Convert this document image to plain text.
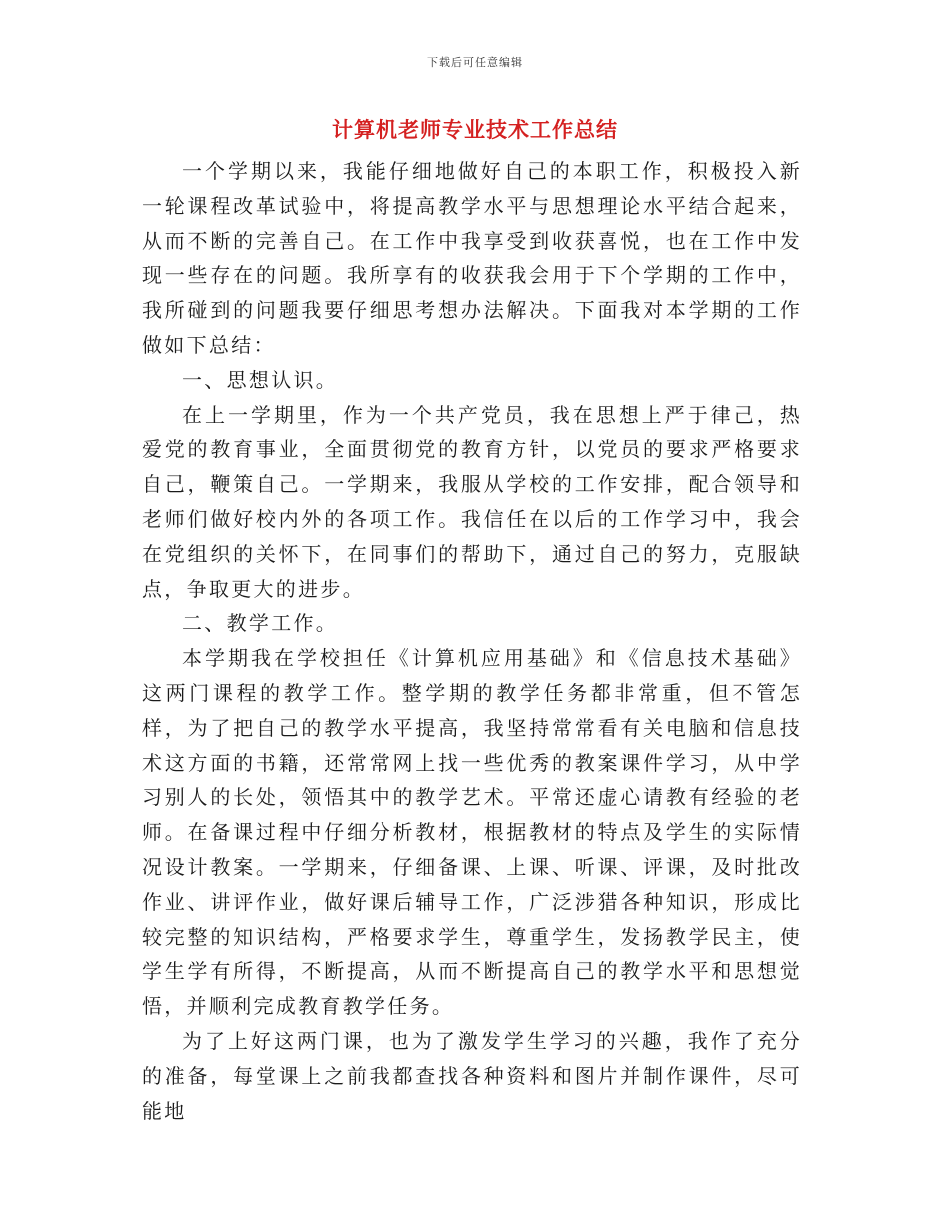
下载后可任意编辑
计算机老师专业技术工作总结

一个学期以来，我能仔细地做好自己的本职工作，积极投入新一轮课程改革试验中，将提高教学水平与思想理论水平结合起来，从而不断的完善自己。在工作中我享受到收获喜悦，也在工作中发现一些存在的问题。我所享有的收获我会用于下个学期的工作中，我所碰到的问题我要仔细思考想办法解决。下面我对本学期的工作做如下总结：

一、思想认识。

在上一学期里，作为一个共产党员，我在思想上严于律己，热爱党的教育事业，全面贯彻党的教育方针，以党员的要求严格要求自己，鞭策自己。一学期来，我服从学校的工作安排，配合领导和老师们做好校内外的各项工作。我信任在以后的工作学习中，我会在党组织的关怀下，在同事们的帮助下，通过自己的努力，克服缺点，争取更大的进步。

二、教学工作。

本学期我在学校担任《计算机应用基础》和《信息技术基础》这两门课程的教学工作。整学期的教学任务都非常重，但不管怎样，为了把自己的教学水平提高，我坚持常常看有关电脑和信息技术这方面的书籍，还常常网上找一些优秀的教案课件学习，从中学习别人的长处，领悟其中的教学艺术。平常还虚心请教有经验的老师。在备课过程中仔细分析教材，根据教材的特点及学生的实际情况设计教案。一学期来，仔细备课、上课、听课、评课，及时批改作业、讲评作业，做好课后辅导工作，广泛涉猎各种知识，形成比较完整的知识结构，严格要求学生，尊重学生，发扬教学民主，使学生学有所得，不断提高，从而不断提高自己的教学水平和思想觉悟，并顺利完成教育教学任务。

为了上好这两门课，也为了激发学生学习的兴趣，我作了充分的准备，每堂课上之前我都查找各种资料和图片并制作课件，尽可能地
